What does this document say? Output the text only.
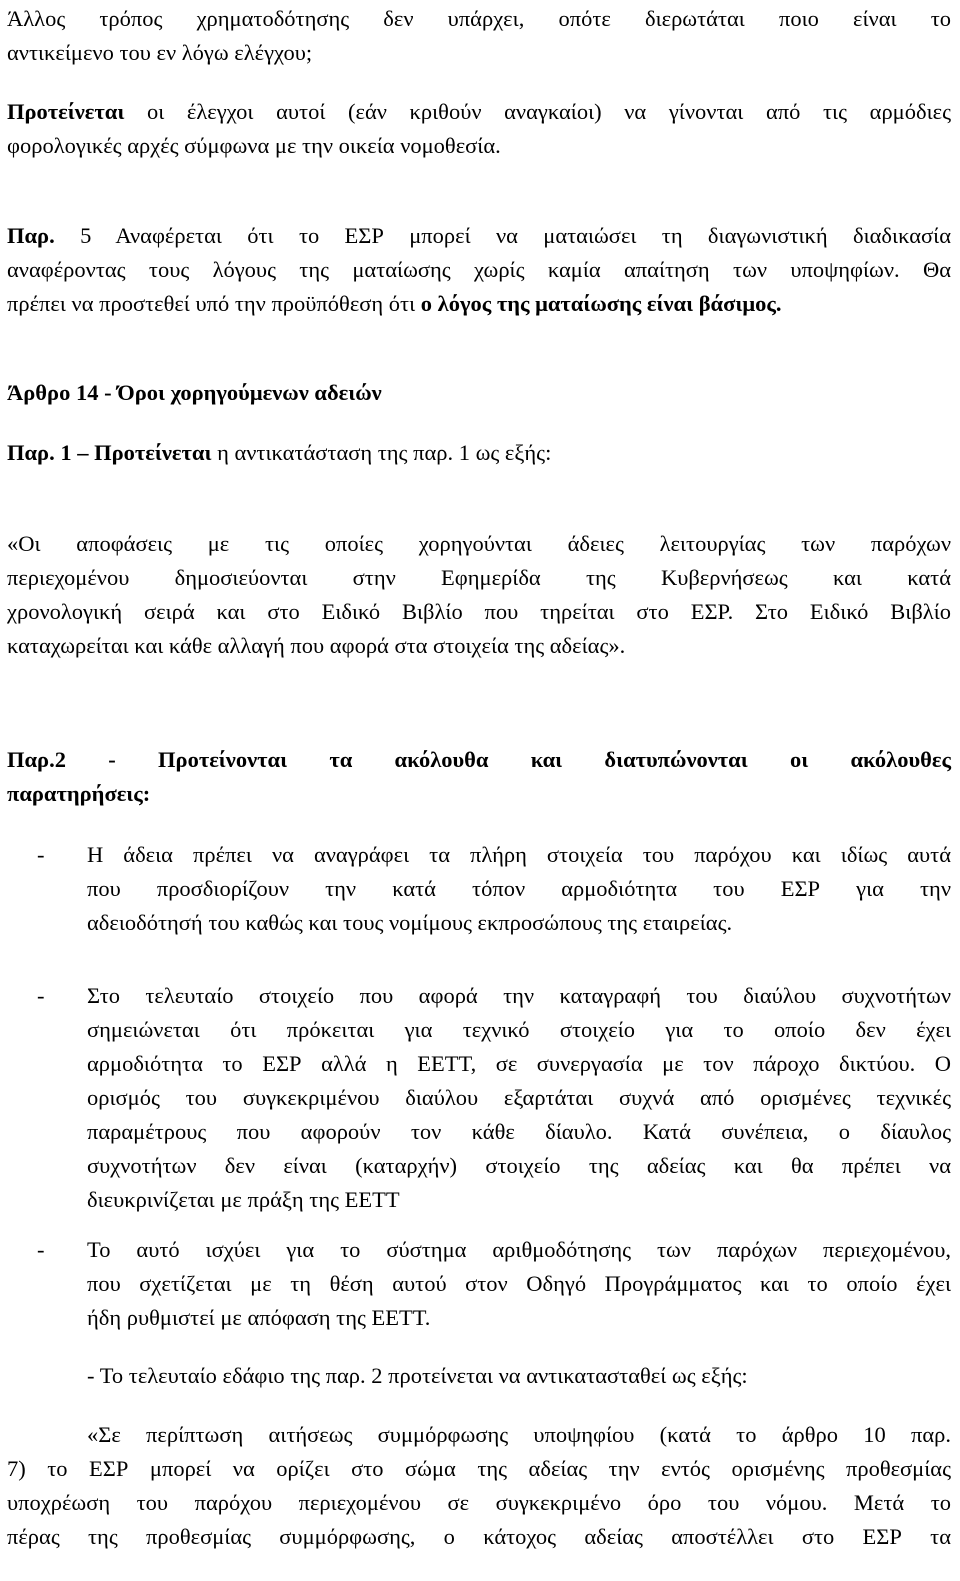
Άλλος τρόπος χρηματοδότησης δεν υπάρχει, οπότε διερωτάται ποιο είναι το
αντικείμενο του εν λόγω ελέγχου;
Προτείνεται οι έλεγχοι αυτοί (εάν κριθούν αναγκαίοι) να γίνονται από τις αρμόδιες
φορολογικές αρχές σύμφωνα με την οικεία νομοθεσία.
Παρ. 5 Αναφέρεται ότι το ΕΣΡ μπορεί να ματαιώσει τη διαγωνιστική διαδικασία
αναφέροντας τους λόγους της ματαίωσης χωρίς καμία απαίτηση των υποψηφίων. Θα
πρέπει να προστεθεί υπό την προϋπόθεση ότι ο λόγος της ματαίωσης είναι βάσιμος.
Άρθρο 14 - Όροι χορηγούμενων αδειών
Παρ. 1 – Προτείνεται η αντικατάσταση της παρ. 1 ως εξής:
«Οι αποφάσεις με τις οποίες χορηγούνται άδειες λειτουργίας των παρόχων
περιεχομένου δημοσιεύονται στην Εφημερίδα της Κυβερνήσεως και κατά
χρονολογική σειρά και στο Ειδικό Βιβλίο που τηρείται στο ΕΣΡ. Στο Ειδικό Βιβλίο
καταχωρείται και κάθε αλλαγή που αφορά στα στοιχεία της αδείας».
Παρ.2 - Προτείνονται τα ακόλουθα και διατυπώνονται οι ακόλουθες
παρατηρήσεις:
- Η άδεια πρέπει να αναγράφει τα πλήρη στοιχεία του παρόχου και ιδίως αυτά
που προσδιορίζουν την κατά τόπον αρμοδιότητα του ΕΣΡ για την
αδειοδότησή του καθώς και τους νομίμους εκπροσώπους της εταιρείας.
- Στο τελευταίο στοιχείο που αφορά την καταγραφή του διαύλου συχνοτήτων
σημειώνεται ότι πρόκειται για τεχνικό στοιχείο για το οποίο δεν έχει
αρμοδιότητα το ΕΣΡ αλλά η ΕΕΤΤ, σε συνεργασία με τον πάροχο δικτύου. Ο
ορισμός του συγκεκριμένου διαύλου εξαρτάται συχνά από ορισμένες τεχνικές
παραμέτρους που αφορούν τον κάθε δίαυλο. Κατά συνέπεια, ο δίαυλος
συχνοτήτων δεν είναι (καταρχήν) στοιχείο της αδείας και θα πρέπει να
διευκρινίζεται με πράξη της ΕΕΤΤ
- Το αυτό ισχύει για το σύστημα αριθμοδότησης των παρόχων περιεχομένου,
που σχετίζεται με τη θέση αυτού στον Οδηγό Προγράμματος και το οποίο έχει
ήδη ρυθμιστεί με απόφαση της ΕΕΤΤ.
- Το τελευταίο εδάφιο της παρ. 2 προτείνεται να αντικατασταθεί ως εξής:
«Σε περίπτωση αιτήσεως συμμόρφωσης υποψηφίου (κατά το άρθρο 10 παρ.
7) το ΕΣΡ μπορεί να ορίζει στο σώμα της αδείας την εντός ορισμένης προθεσμίας
υποχρέωση του παρόχου περιεχομένου σε συγκεκριμένο όρο του νόμου. Μετά το
πέρας της προθεσμίας συμμόρφωσης, ο κάτοχος αδείας αποστέλλει στο ΕΣΡ τα
